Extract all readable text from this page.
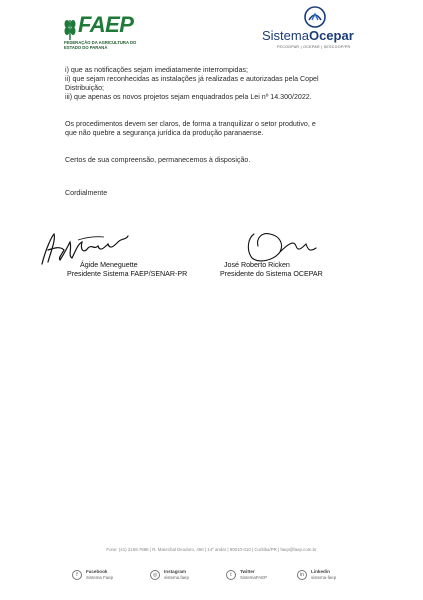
FAEP
FEDERAÇÃO DA AGRICULTURA DO ESTADO DO PARANÁ
SistemaOcepar
FECOOPAR | OCEPAR | SESCOOP/PR
i) que as notificações sejam imediatamente interrompidas;
ii) que sejam reconhecidas as instalações já realizadas e autorizadas pela Copel
Distribuição;
iii) que apenas os novos projetos sejam enquadrados pela Lei nº 14.300/2022.
Os procedimentos devem ser claros, de forma a tranquilizar o setor produtivo, e
que não quebre a segurança jurídica da produção paranaense.
Certos de sua compreensão, permanecemos à disposição.
Cordialmente
Ágide Meneguette
Presidente Sistema FAEP/SENAR-PR
José Roberto Ricken
Presidente do Sistema OCEPAR
Fone: (41) 2169.7988 | R. Marechal Deodoro, 450 | 14º andar | 80010-010 | Curitiba/PR | faep@faep.com.br
f
Facebook
Sistema Faep	◎
Instagram
sistema.faep	t
Twitter
SistemaFAEP	in
Linkedin
sistema-faep
